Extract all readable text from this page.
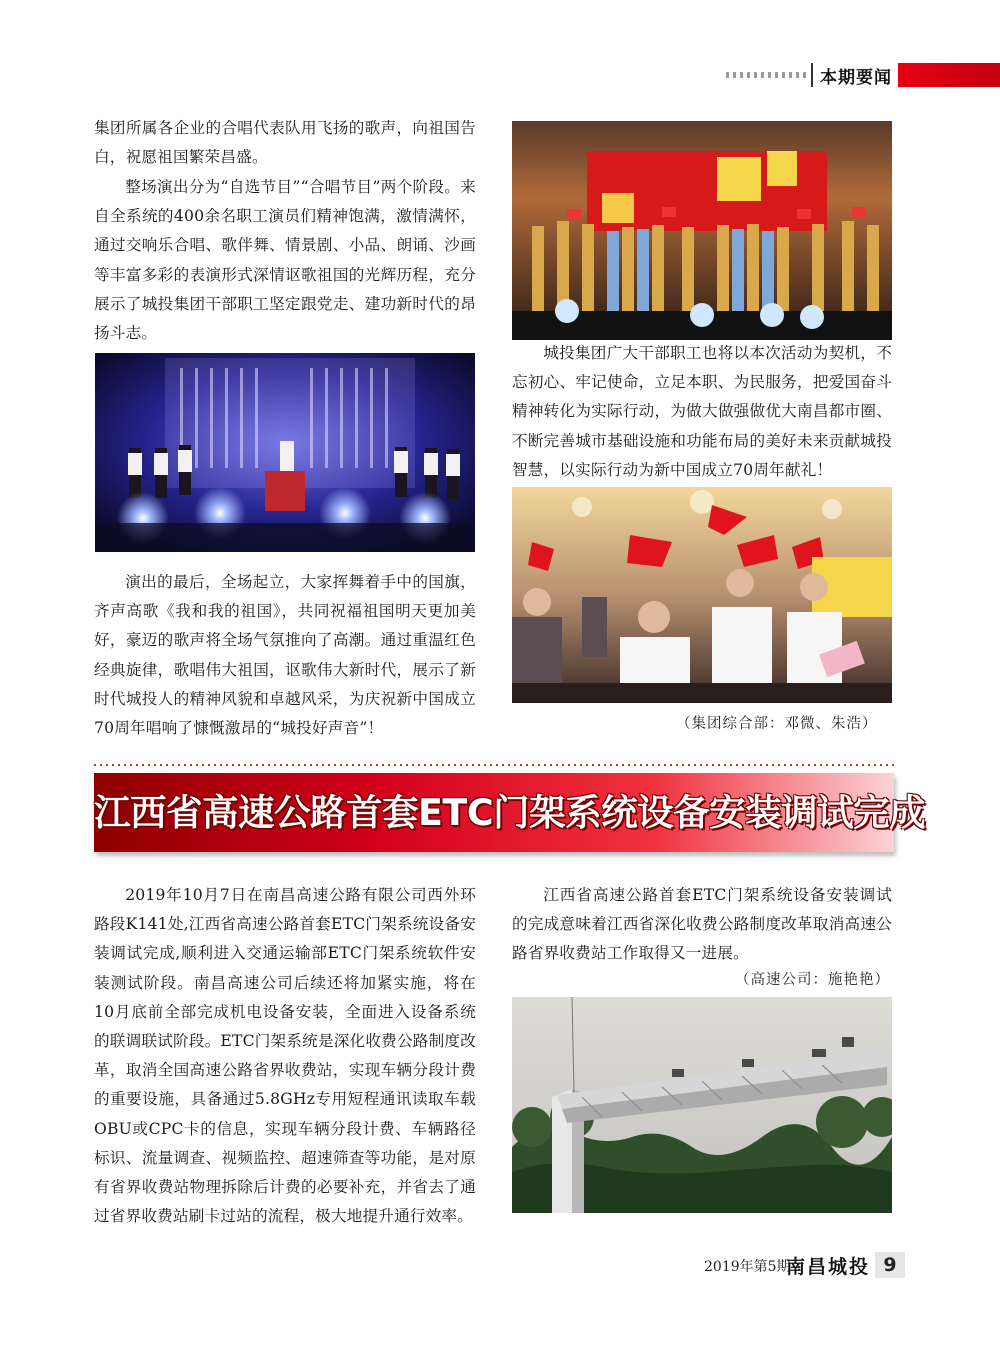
本期要闻

集团所属各企业的合唱代表队用飞扬的歌声，向祖国告白，祝愿祖国繁荣昌盛。

整场演出分为“自选节目”“合唱节目”两个阶段。来自全系统的400余名职工演员们精神饱满，激情满怀，通过交响乐合唱、歌伴舞、情景剧、小品、朗诵、沙画等丰富多彩的表演形式深情讴歌祖国的光辉历程，充分展示了城投集团干部职工坚定跟党走、建功新时代的昂扬斗志。

演出的最后，全场起立，大家挥舞着手中的国旗，齐声高歌《我和我的祖国》，共同祝福祖国明天更加美好，豪迈的歌声将全场气氛推向了高潮。通过重温红色经典旋律，歌唱伟大祖国，讴歌伟大新时代，展示了新时代城投人的精神风貌和卓越风采，为庆祝新中国成立70周年唱响了慷慨激昂的“城投好声音”！

城投集团广大干部职工也将以本次活动为契机，不忘初心、牢记使命，立足本职、为民服务，把爱国奋斗精神转化为实际行动，为做大做强做优大南昌都市圈、不断完善城市基础设施和功能布局的美好未来贡献城投智慧，以实际行动为新中国成立70周年献礼！

（集团综合部：邓微、朱浩）
江西省高速公路首套ETC门架系统设备安装调试完成

2019年10月7日在南昌高速公路有限公司西外环路段K141处,江西省高速公路首套ETC门架系统设备安装调试完成,顺利进入交通运输部ETC门架系统软件安装测试阶段。南昌高速公司后续还将加紧实施，将在10月底前全部完成机电设备安装，全面进入设备系统的联调联试阶段。ETC门架系统是深化收费公路制度改革，取消全国高速公路省界收费站，实现车辆分段计费的重要设施，具备通过5.8GHz专用短程通讯读取车载OBU或CPC卡的信息，实现车辆分段计费、车辆路径标识、流量调查、视频监控、超速筛查等功能，是对原有省界收费站物理拆除后计费的必要补充，并省去了通过省界收费站刷卡过站的流程，极大地提升通行效率。

江西省高速公路首套ETC门架系统设备安装调试的完成意味着江西省深化收费公路制度改革取消高速公路省界收费站工作取得又一进展。

（高速公司：施艳艳）
2019年第5期
南昌城投 9
